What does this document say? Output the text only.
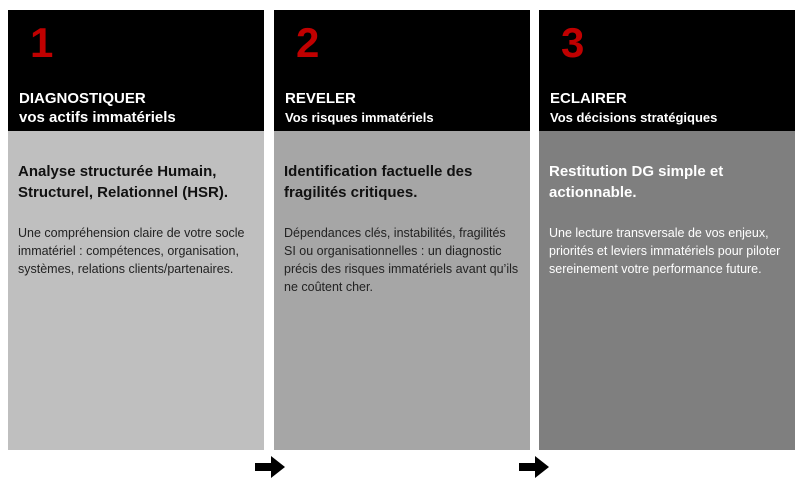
1
DIAGNOSTIQUER
vos actifs immatériels

Analyse structurée Humain, Structurel, Relationnel (HSR).

Une compréhension claire de votre socle immatériel : compétences, organisation, systèmes, relations clients/partenaires.

2
REVELER
Vos risques immatériels

Identification factuelle des fragilités critiques.

Dépendances clés, instabilités, fragilités SI ou organisationnelles : un diagnostic précis des risques immatériels avant qu’ils ne coûtent cher.

3
ECLAIRER
Vos décisions stratégiques

Restitution DG simple et actionnable.

Une lecture transversale de vos enjeux, priorités et leviers immatériels pour piloter sereinement votre performance future.
